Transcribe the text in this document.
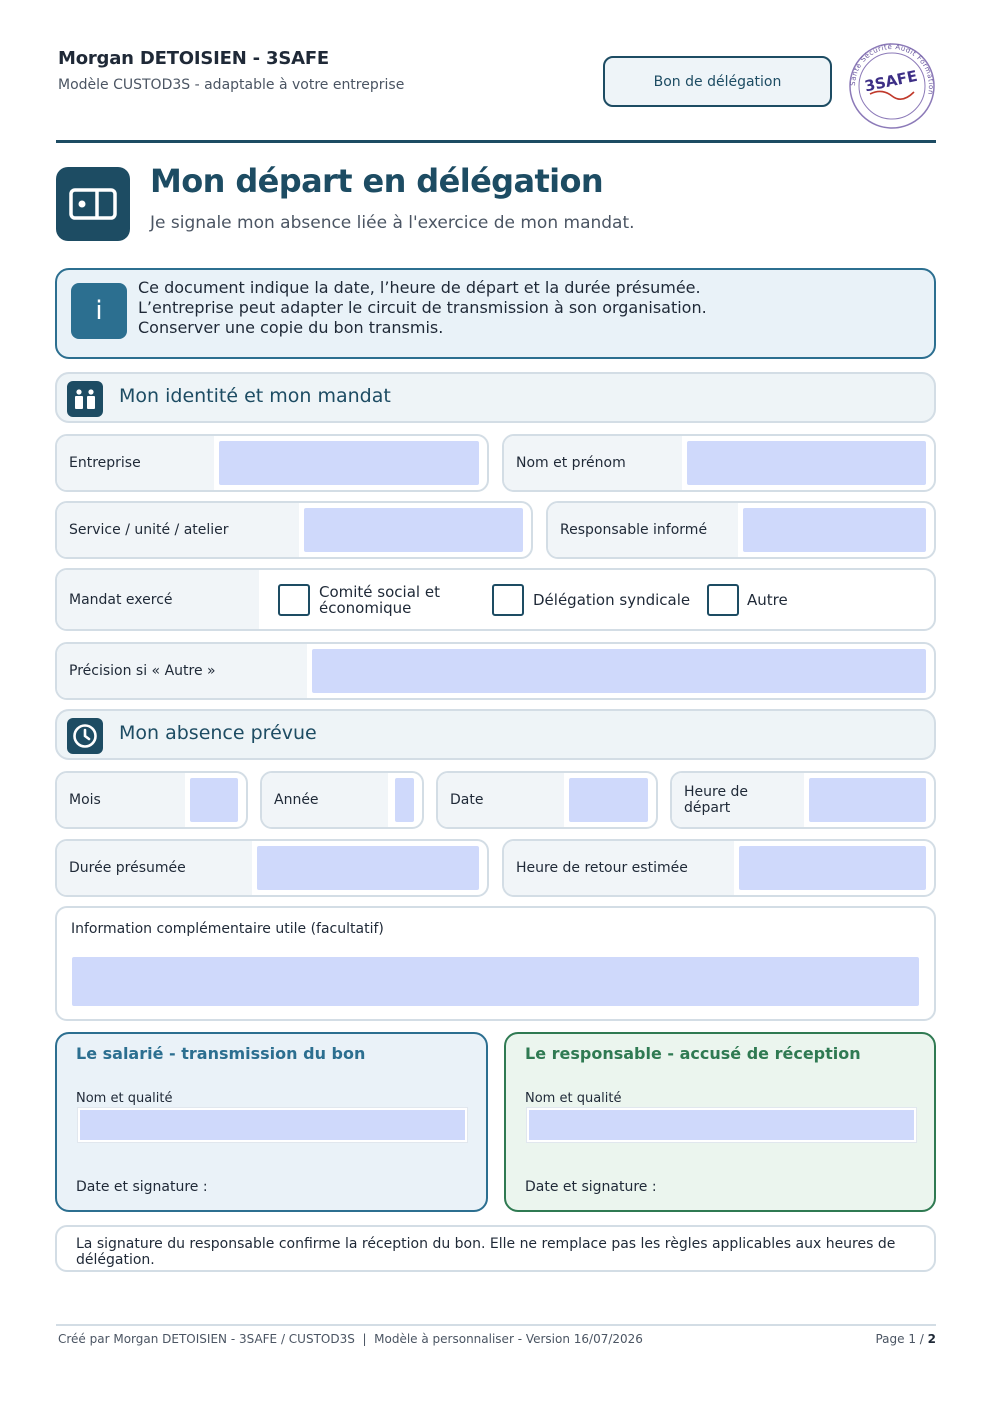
Morgan DETOISIEN - 3SAFE
Modèle CUSTOD3S - adaptable à votre entreprise	Bon de délégation	Santé Sécurité Audit Formation
3SAFE
Mon départ en délégation
Je signale mon absence liée à l'exercice de mon mandat.
i
Ce document indique la date, l’heure de départ et la durée présumée.
L’entreprise peut adapter le circuit de transmission à son organisation.
Conserver une copie du bon transmis.
Mon identité et mon mandat
Entreprise	Nom et prénom
Service / unité / atelier	Responsable informé
Mandat exercé	Comité social et économique	Délégation syndicale	Autre
Précision si « Autre »
Mon absence prévue
Mois	Année	Date	Heure de départ
Durée présumée	Heure de retour estimée
Information complémentaire utile (facultatif)
Le salarié - transmission du bon
Nom et qualité
Date et signature :
Le responsable - accusé de réception
Nom et qualité
Date et signature :
La signature du responsable confirme la réception du bon. Elle ne remplace pas les règles applicables aux heures de délégation.
Créé par Morgan DETOISIEN - 3SAFE / CUSTOD3S  |  Modèle à personnaliser - Version 16/07/2026	Page 1 / 2
